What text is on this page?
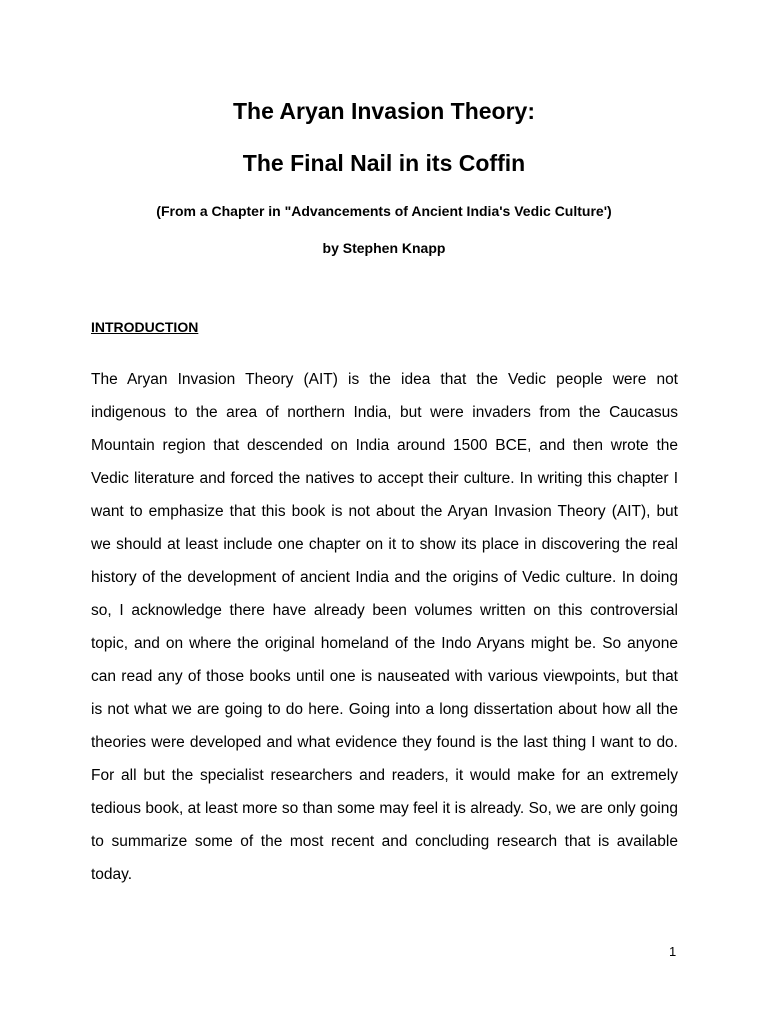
The Aryan Invasion Theory:
The Final Nail in its Coffin

(From a Chapter in "Advancements of Ancient India's Vedic Culture')

by Stephen Knapp

INTRODUCTION

The Aryan Invasion Theory (AIT) is the idea that the Vedic people were not indigenous to the area of northern India, but were invaders from the Caucasus Mountain region that descended on India around 1500 BCE, and then wrote the Vedic literature and forced the natives to accept their culture. In writing this chapter I want to emphasize that this book is not about the Aryan Invasion Theory (AIT), but we should at least include one chapter on it to show its place in discovering the real history of the development of ancient India and the origins of Vedic culture. In doing so, I acknowledge there have already been volumes written on this controversial topic, and on where the original homeland of the Indo Aryans might be. So anyone can read any of those books until one is nauseated with various viewpoints, but that is not what we are going to do here. Going into a long dissertation about how all the theories were developed and what evidence they found is the last thing I want to do. For all but the specialist researchers and readers, it would make for an extremely tedious book, at least more so than some may feel it is already. So, we are only going to summarize some of the most recent and concluding research that is available today.

1
